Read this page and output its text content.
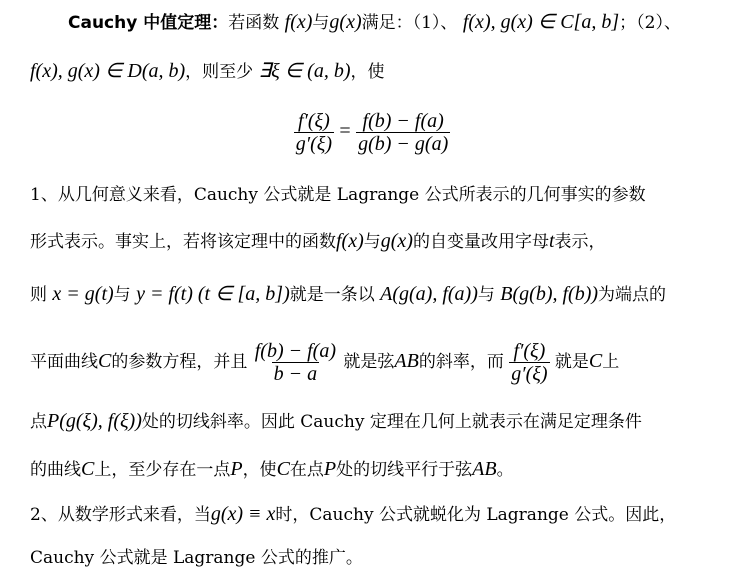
Cauchy 中值定理：若函数 f(x)与g(x)满足：（1）、 f(x), g(x) ∈ C[a, b]；（2）、
f(x), g(x) ∈ D(a, b)，则至少 ∃ξ ∈ (a, b)，使
$\frac{f'(\xi)}{g'(\xi)} = \frac{f(b) - f(a)}{g(b) - g(a)}$
1、从几何意义来看，Cauchy 公式就是 Lagrange 公式所表示的几何事实的参数
形式表示。事实上，若将该定理中的函数f(x)与g(x)的自变量改用字母t表示，
则 x = g(t)与 y = f(t) (t ∈ [a, b])就是一条以 A(g(a), f(a))与 B(g(b), f(b))为端点的
平面曲线C的参数方程，并且 $\frac{f(b) - f(a)}{b - a}$ 就是弦AB的斜率，而 $\frac{f'(\xi)}{g'(\xi)}$ 就是C上
点P(g(ξ), f(ξ))处的切线斜率。因此 Cauchy 定理在几何上就表示在满足定理条件
的曲线C上，至少存在一点P，使C在点P处的切线平行于弦AB。
2、从数学形式来看，当g(x) ≡ x时，Cauchy 公式就蜕化为 Lagrange 公式。因此，
Cauchy 公式就是 Lagrange 公式的推广。
